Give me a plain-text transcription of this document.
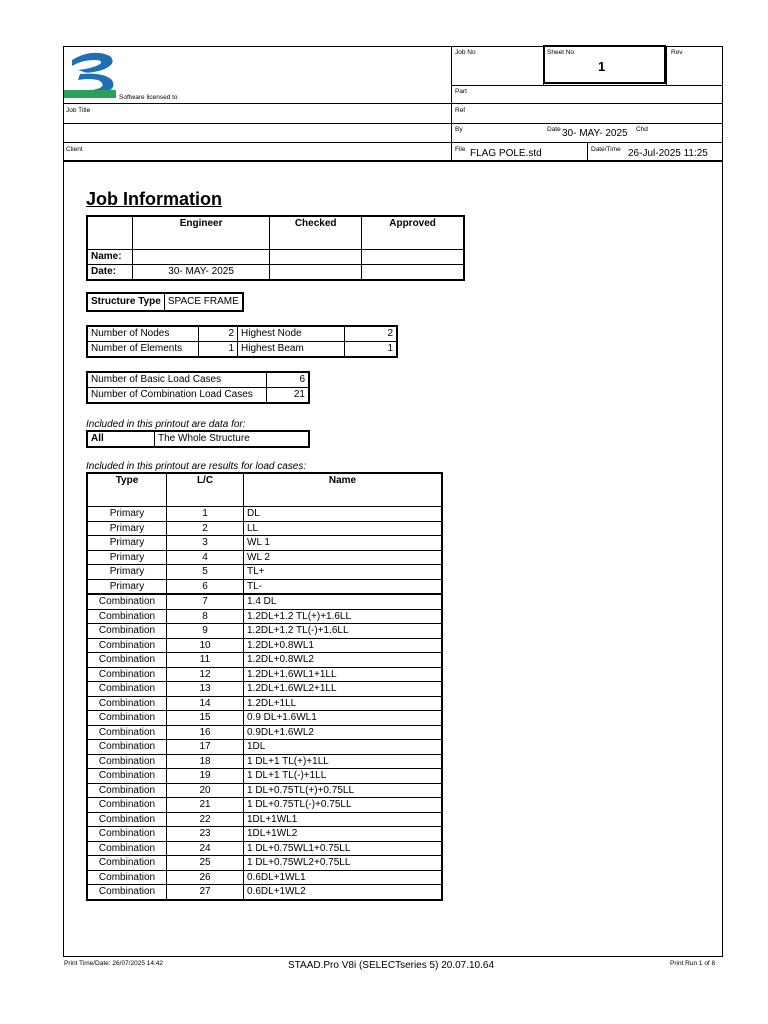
Software licensed to
Job No	Sheet No
1
Rev
Part
Job Title	Ref
By	Date 30- MAY- 2025 Chd
Client	File FLAG POLE.std	Date/Time 26-Jul-2025 11:25
Job Information
	Engineer	Checked	Approved
Name:			
Date:	30- MAY- 2025		
Structure Type	SPACE FRAME
Number of Nodes	2	Highest Node	2
Number of Elements	1	Highest Beam	1
Number of Basic Load Cases	6
Number of Combination Load Cases	21
Included in this printout are data for:
All	The Whole Structure
Included in this printout are results for load cases:
Type	L/C	Name
Primary	1	DL
Primary	2	LL
Primary	3	WL 1
Primary	4	WL 2
Primary	5	TL+
Primary	6	TL-
Combination	7	1.4 DL
Combination	8	1.2DL+1.2 TL(+)+1.6LL
Combination	9	1.2DL+1.2 TL(-)+1.6LL
Combination	10	1.2DL+0.8WL1
Combination	11	1.2DL+0.8WL2
Combination	12	1.2DL+1.6WL1+1LL
Combination	13	1.2DL+1.6WL2+1LL
Combination	14	1.2DL+1LL
Combination	15	0.9 DL+1.6WL1
Combination	16	0.9DL+1.6WL2
Combination	17	1DL
Combination	18	1 DL+1 TL(+)+1LL
Combination	19	1 DL+1 TL(-)+1LL
Combination	20	1 DL+0.75TL(+)+0.75LL
Combination	21	1 DL+0.75TL(-)+0.75LL
Combination	22	1DL+1WL1
Combination	23	1DL+1WL2
Combination	24	1 DL+0.75WL1+0.75LL
Combination	25	1 DL+0.75WL2+0.75LL
Combination	26	0.6DL+1WL1
Combination	27	0.6DL+1WL2
Print Time/Date: 26/07/2025 14:42	STAAD.Pro V8i (SELECTseries 5) 20.07.10.64	Print Run 1 of 8
